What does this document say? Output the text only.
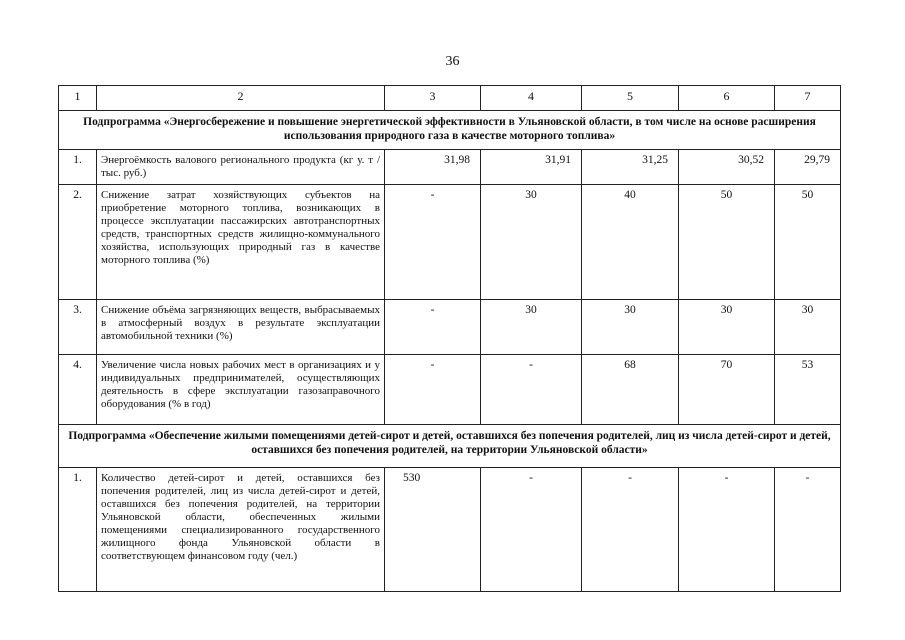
36
1	2	3	4	5	6	7
Подпрограмма «Энергосбережение и повышение энергетической эффективности в Ульяновской области, в том числе на основе расширения использования природного газа в качестве моторного топлива»						
1.	Энергоёмкость валового регионального продукта (кг у. т / тыс. руб.)	31,98	31,91	31,25	30,52	29,79
2.	Снижение затрат хозяйствующих субъектов на приобретение моторного топлива, возникающих в процессе эксплуатации пассажирских автотранспортных средств, транспортных средств жилищно-коммунального хозяйства, использующих природный газ в качестве моторного топлива (%)	-	30	40	50	50
3.	Снижение объёма загрязняющих веществ, выбрасываемых в атмосферный воздух в результате эксплуатации автомобильной техники (%)	-	30	30	30	30
4.	Увеличение числа новых рабочих мест в организациях и у индивидуальных предпринимателей, осуществляющих деятельность в сфере эксплуатации газозаправочного оборудования (% в год)	-	-	68	70	53
Подпрограмма «Обеспечение жилыми помещениями детей-сирот и детей, оставшихся без попечения родителей, лиц из числа детей-сирот и детей, оставшихся без попечения родителей, на территории Ульяновской области»						
1.	Количество детей-сирот и детей, оставшихся без попечения родителей, лиц из числа детей-сирот и детей, оставшихся без попечения родителей, на территории Ульяновской области, обеспеченных жилыми помещениями специализированного государственного жилищного фонда Ульяновской области в соответствующем финансовом году (чел.)	530	-	-	-	-
